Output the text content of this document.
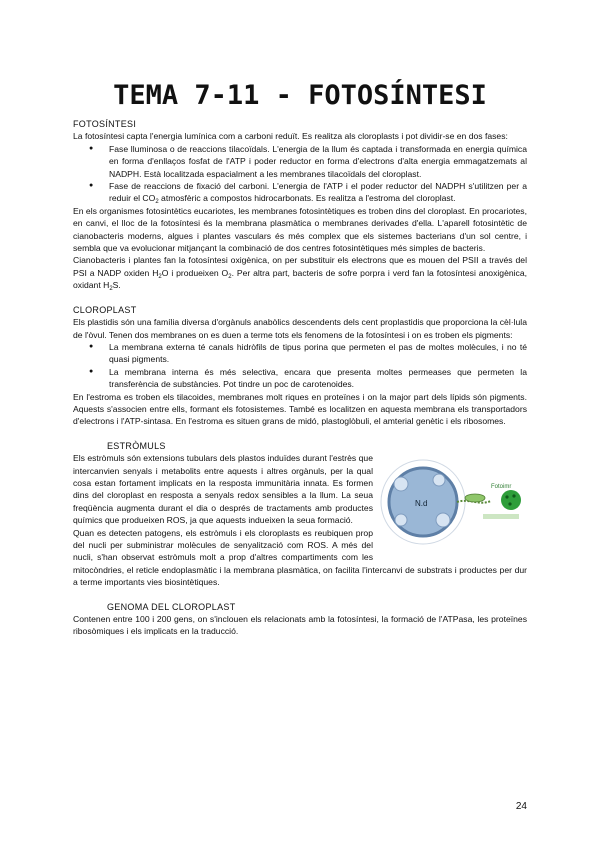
TEMA 7-11 - FOTOSÍNTESI

FOTOSÍNTESI

La fotosíntesi capta l'energia lumínica com a carboni reduït. Es realitza als cloroplasts i pot dividir-se en dos fases:

● Fase lluminosa o de reaccions tilacoïdals. L'energia de la llum és captada i transformada en energia química en forma d'enllaços fosfat de l'ATP i poder reductor en forma d'electrons d'alta energia emmagatzemats al NADPH. Està localitzada espacialment a les membranes tilacoïdals del cloroplast.
● Fase de reaccions de fixació del carboni. L'energia de l'ATP i el poder reductor del NADPH s'utilitzen per a reduir el $CO_2$ atmosfèric a compostos hidrocarbonats. Es realitza a l'estroma del cloroplast.

En els organismes fotosintètics eucariotes, les membranes fotosintètiques es troben dins del cloroplast. En procariotes, en canvi, el lloc de la fotosíntesi és la membrana plasmàtica o membranes derivades d'ella. L'aparell fotosintètic de cianobacteris moderns, algues i plantes vasculars és més complex que els sistemes bacterians d'un sol centre, i sembla que va evolucionar mitjançant la combinació de dos centres fotosintètiques més simples de bacteris.

Cianobacteris i plantes fan la fotosíntesi oxigènica, on per substituir els electrons que es mouen del PSII a través del PSI a NADP oxiden $H_2O$ i produeixen $O_2$. Per altra part, bacteris de sofre porpra i verd fan la fotosíntesi anoxigènica, oxidant $H_2S$.

CLOROPLAST

Els plastidis són una família diversa d'orgànuls anabòlics descendents dels cent proplastidis que proporciona la cèl·lula de l'òvul. Tenen dos membranes on es duen a terme tots els fenomens de la fotosíntesi i on es troben els pigments:

● La membrana externa té canals hidròfils de tipus porina que permeten el pas de moltes molècules, i no té quasi pigments.
● La membrana interna és més selectiva, encara que presenta moltes permeases que permeten la transferència de substàncies. Pot tindre un poc de carotenoides.

En l'estroma es troben els tilacoides, membranes molt riques en proteïnes i on la major part dels lípids són pigments. Aquests s'associen entre ells, formant els fotosistemes. També es localitzen en aquesta membrana els transportadors d'electrons i l'ATP-sintasa. En l'estroma es situen grans de midó, plastoglòbuli, el amterial genètic i els ribosomes.

ESTRÒMULS

N.d
Fotoimr

Els estròmuls són extensions tubulars dels plastos induïdes durant l'estrès que intercanvien senyals i metabolits entre aquests i altres orgànuls, per la qual cosa estan fortament implicats en la resposta immunitària innata. Es formen dins del cloroplast en resposta a senyals redox sensibles a la llum. La seua freqüència augmenta durant el dia o després de tractaments amb productes químics que produeixen ROS, ja que aquests indueixen la seua formació.

Quan es detecten patogens, els estròmuls i els cloroplasts es reubiquen prop del nucli per subministrar molècules de senyalització com ROS. A més del nucli, s'han observat estròmuls molt a prop d'altres compartiments com les mitocòndries, el reticle endoplasmàtic i la membrana plasmàtica, on facilita l'intercanvi de substrats i productes per dur a terme importants vies biosintètiques.

GENOMA DEL CLOROPLAST

Contenen entre 100 i 200 gens, on s'inclouen els relacionats amb la fotosíntesi, la formació de l'ATPasa, les proteïnes ribosòmiques i els implicats en la traducció.

24
